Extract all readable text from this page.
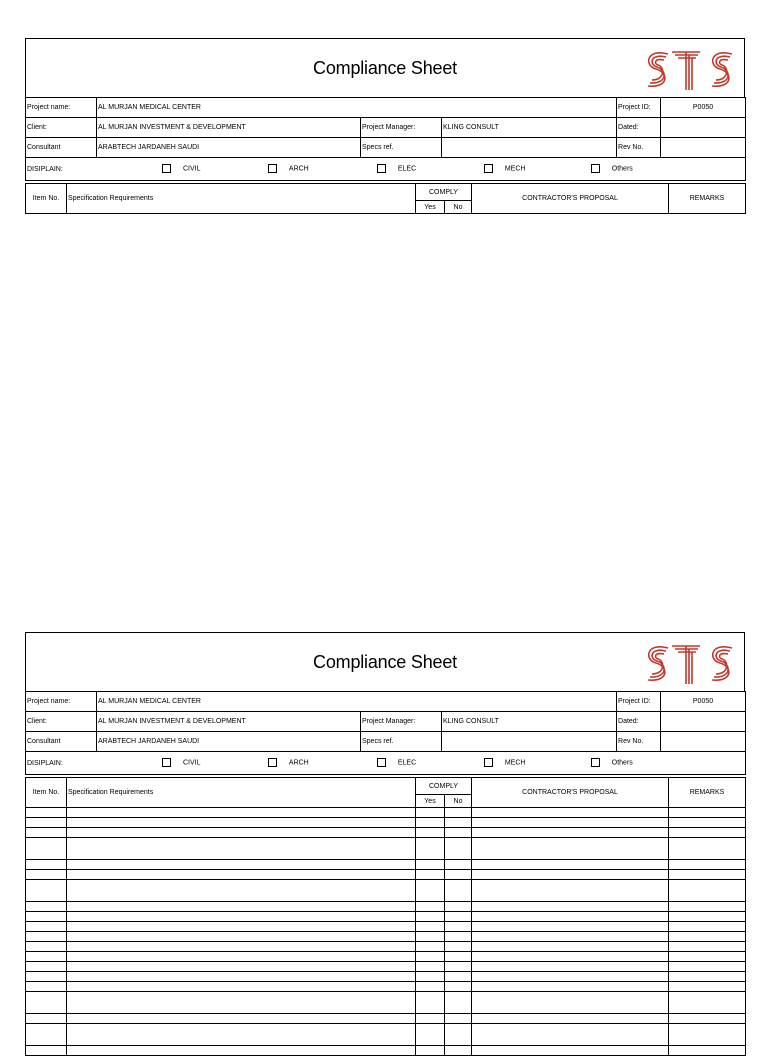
Compliance Sheet
STS
Project name:	AL MURJAN MEDICAL CENTER			Project ID:	P0050
Client:	AL MURJAN INVESTMENT & DEVELOPMENT	Project Manager:	KLING CONSULT	Dated:	
Consultant	ARABTECH JARDANEH SAUDI	Specs ref.		Rev No.	
DISIPLAIN: CIVIL ARCH ELEC MECH Others					
Item No.	Specification Requirements	COMPLY		CONTRACTOR'S PROPOSAL	REMARKS
		Yes	No		
Compliance Sheet
Project name:	AL MURJAN MEDICAL CENTER			Project ID:	P0050
Client:	AL MURJAN INVESTMENT & DEVELOPMENT	Project Manager:	KLING CONSULT	Dated:	
Consultant	ARABTECH JARDANEH SAUDI	Specs ref.		Rev No.	
DISIPLAIN: CIVIL ARCH ELEC MECH Others					
Item No.	Specification Requirements	COMPLY		CONTRACTOR'S PROPOSAL	REMARKS
		Yes	No		
